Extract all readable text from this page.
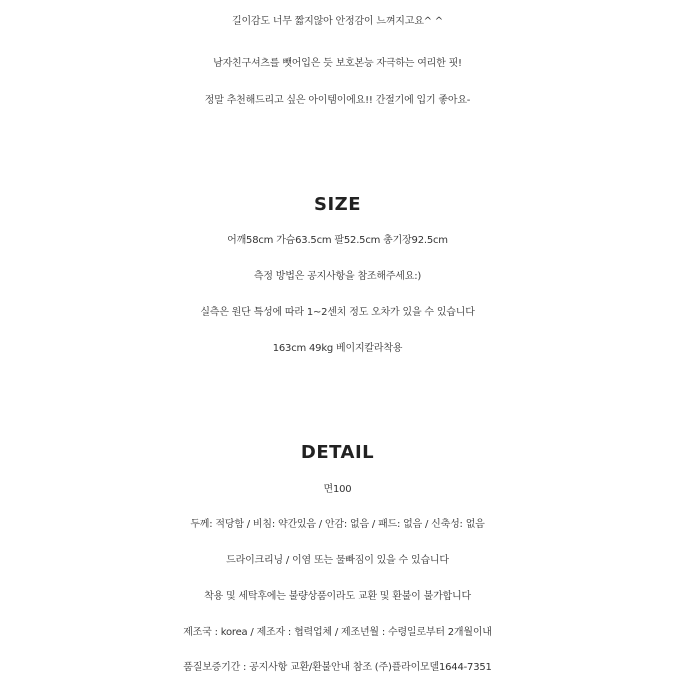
길이감도 너무 짧지않아 안정감이 느껴지고요^ ^
남자친구셔츠를 뺏어입은 듯 보호본능 자극하는 여리한 핏!
정말 추천해드리고 싶은 아이템이에요!! 간절기에 입기 좋아요-
SIZE
어깨58cm 가슴63.5cm 팔52.5cm 총기장92.5cm
측정 방법은 공지사항을 참조해주세요:)
실측은 원단 특성에 따라 1~2센치 정도 오차가 있을 수 있습니다
163cm 49kg 베이지칼라착용
DETAIL
면100
두께: 적당함 / 비침: 약간있음 / 안감: 없음 / 패드: 없음 / 신축성: 없음
드라이크리닝 / 이염 또는 물빠짐이 있을 수 있습니다
착용 및 세탁후에는 불량상품이라도 교환 및 환불이 불가합니다
제조국 : korea / 제조자 : 협력업체 / 제조년월 : 수령일로부터 2개월이내
품질보증기간 : 공지사항 교환/환불안내 참조 (주)플라이모델1644-7351
